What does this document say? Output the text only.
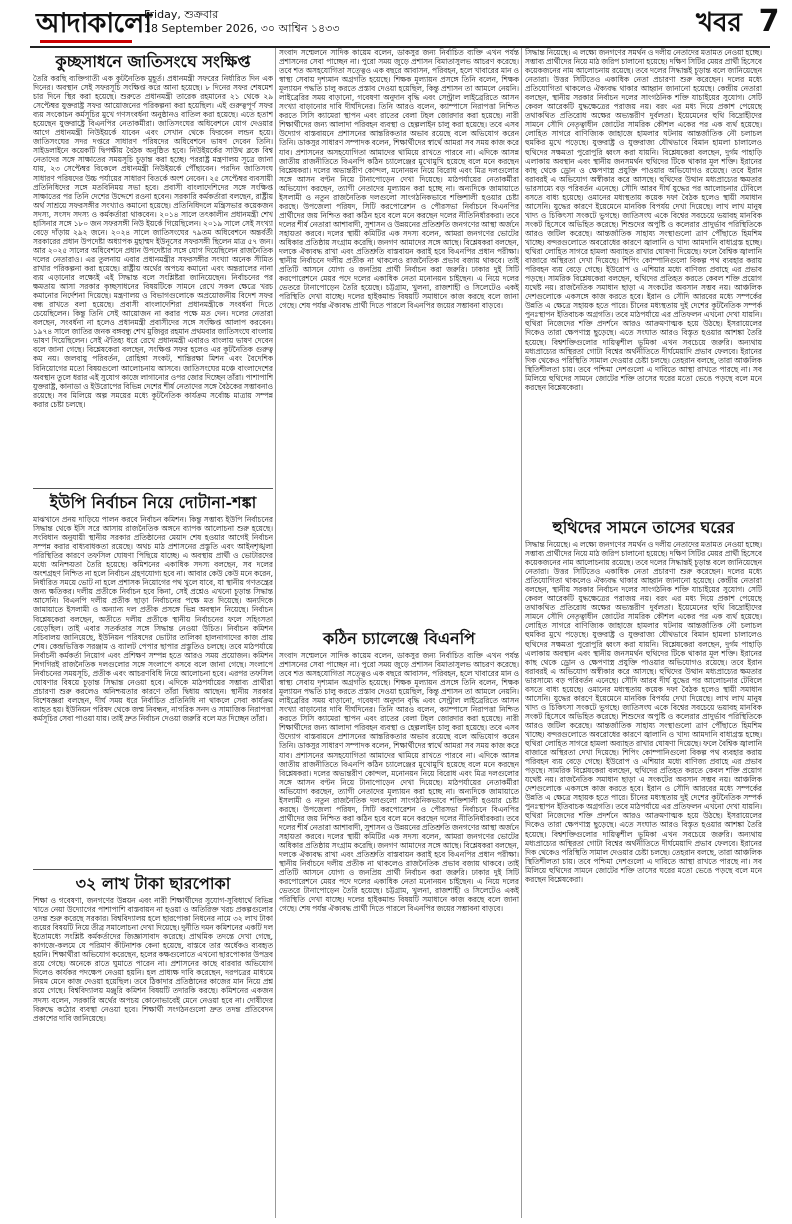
আদাকালো
Friday, শুক্রবার
18 September 2026, ৩০ আশ্বিন ১৪৩৩	খবর 7
কুচ্ছসাধনে জাতিসংঘে সংক্ষিপ্ত
তৈরি করছি ব্যক্তিগাতী এক কুটনৈতিক মুহূর্ত। প্রধানমন্ত্রী সফরের নির্ধারিত দিন এক দিনের। অবস্থান সেই সফরসূচি সংক্ষিপ্ত করে আনা হয়েছে। ৮ দিনের সফর শেষমেশ চার দিনে স্থির করা হয়েছে। শুরুতে প্রধানমন্ত্রী তারেক রহমানের ২১ থেকে ২৯ সেপ্টেম্বর যুক্তরাষ্ট্র সফর আয়োজনের পরিকল্পনা করা হয়েছিল। এই গুরুত্বপূর্ণ সফর ব্যয় সংকোচন কর্মসূচির মুখে গণসংবর্ধনা অনুষ্ঠানও বাতিল করা হয়েছে। এতে হতাশ হয়েছেন যুক্তরাষ্ট্রে বিএনপির নেতাকর্মীরা। জাতিসংঘের অধিবেশনে যোগ দেওয়ার আগে প্রধানমন্ত্রী নিউইয়র্কে যাবেন এবং সেখান থেকে ফিরবেন লন্ডন হয়ে। জাতিসংঘের সদর দপ্তরে সাধারণ পরিষদের অধিবেশনে ভাষণ দেবেন তিনি। সাইডলাইনে কয়েকটি দ্বিপক্ষীয় বৈঠক অনুষ্ঠিত হবে। নিউইয়র্কের সাউথ ব্লকে বিশ্ব নেতাদের সঙ্গে সাক্ষাতের সময়সূচি চূড়ান্ত করা হচ্ছে। পররাষ্ট্র মন্ত্রণালয় সূত্রে জানা যায়, ২৩ সেপ্টেম্বর বিকেলে প্রধানমন্ত্রী নিউইয়র্কে পৌঁছাবেন। পরদিন জাতিসংঘ সাধারণ পরিষদের উচ্চ পর্যায়ের সাধারণ বিতর্কে অংশ নেবেন। ২৫ সেপ্টেম্বর ব্যবসায়ী প্রতিনিধিদের সঙ্গে মতবিনিময় সভা হবে। প্রবাসী বাংলাদেশিদের সঙ্গে সংক্ষিপ্ত সাক্ষাতের পর তিনি দেশের উদ্দেশে রওনা হবেন। সরকারি কর্মকর্তারা বলছেন, রাষ্ট্রীয় অর্থ সাশ্রয়ে সফরসঙ্গীর সংখ্যাও কমানো হয়েছে। প্রতিনিধিদলে মন্ত্রিসভার কয়েকজন সদস্য, সংসদ সদস্য ও কর্মকর্তারা থাকবেন। ২০১৪ সালে তৎকালীন প্রধানমন্ত্রী শেখ হাসিনার সঙ্গে ১৮০ জন সফরসঙ্গী নিউ ইয়র্কে গিয়েছিলেন। ২০১৯ সালে সেই সংখ্যা বেড়ে দাঁড়ায় ২৯২ জনে। ২০২৪ সালে জাতিসংঘের ৭৯তম অধিবেশনে অন্তর্বর্তী সরকারের প্রধান উপদেষ্টা অধ্যাপক মুহাম্মদ ইউনূসের সফরসঙ্গী ছিলেন মাত্র ৫৭ জন। আর ২০২৫ সালের অধিবেশনে প্রধান উপদেষ্টার সঙ্গে যোগ দিয়েছিলেন রাজনৈতিক দলের নেতারাও। এর তুলনায় এবার প্রধানমন্ত্রীর সফরসঙ্গীর সংখ্যা অনেক সীমিত রাখার পরিকল্পনা করা হয়েছে। রাষ্ট্রীয় অর্থের অপচয় কমানো এবং অন্তরালের নানা ব্যয় এড়ানোর লক্ষ্যেই এই সিদ্ধান্ত বলে সংশ্লিষ্টরা জানিয়েছেন। নির্বাচনের পর ক্ষমতায় আসা সরকার কৃচ্ছসাধনের বিষয়টিকে সামনে রেখে সকল ক্ষেত্রে খরচ কমানোর নির্দেশনা দিয়েছে। মন্ত্রণালয় ও বিভাগগুলোকে অপ্রয়োজনীয় বিদেশ সফর বন্ধ রাখতে বলা হয়েছে। প্রবাসী বাংলাদেশিরা প্রধানমন্ত্রীকে সংবর্ধনা দিতে চেয়েছিলেন। কিন্তু তিনি সেই আয়োজন না করার পক্ষে মত দেন। দলের নেতারা বলছেন, সংবর্ধনা না হলেও প্রধানমন্ত্রী প্রবাসীদের সঙ্গে সংক্ষিপ্ত আলাপ করবেন। ১৯৭৪ সালে জাতির জনক বঙ্গবন্ধু শেখ মুজিবুর রহমান প্রথমবার জাতিসংঘে বাংলায় ভাষণ দিয়েছিলেন। সেই ঐতিহ্য ধরে রেখে প্রধানমন্ত্রী এবারও বাংলায় ভাষণ দেবেন বলে জানা গেছে। বিশ্লেষকেরা বলছেন, সংক্ষিপ্ত সফর হলেও এর কূটনৈতিক গুরুত্ব কম নয়। জলবায়ু পরিবর্তন, রোহিঙ্গা সংকট, শান্তিরক্ষা মিশন এবং বৈদেশিক বিনিয়োগের মতো বিষয়গুলো আলোচনায় আসবে। জাতিসংঘের মঞ্চে বাংলাদেশের অবস্থান তুলে ধরার এই সুযোগ কাজে লাগানোর ওপর জোর দিচ্ছেন তাঁরা। পাশাপাশি যুক্তরাষ্ট্র, কানাডা ও ইউরোপের বিভিন্ন দেশের শীর্ষ নেতাদের সঙ্গে বৈঠকের সম্ভাবনাও রয়েছে। সব মিলিয়ে অল্প সময়ের মধ্যে কূটনৈতিক কার্যক্রম সর্বোচ্চ মাত্রায় সম্পন্ন করার চেষ্টা চলছে।
ইউপি নির্বাচন নিয়ে দোটানা-শঙ্কা
মাঝখানে প্রনয় দাড়িয়ে পালন করবে নির্বাচন কমিশন। কিন্তু সম্ভাব্য ইউপি নির্বাচনের সিদ্ধান্ত থেকে ইসি সরে আসায় রাজনৈতিক অঙ্গনে ব্যাপক আলোচনা শুরু হয়েছে। সংবিধান অনুযায়ী স্থানীয় সরকার প্রতিষ্ঠানের মেয়াদ শেষ হওয়ার আগেই নির্বাচন সম্পন্ন করার বাধ্যবাধকতা রয়েছে। অথচ মাঠ প্রশাসনের প্রস্তুতি এবং আইনশৃঙ্খলা পরিস্থিতির কারণে তফসিল ঘোষণা পিছিয়ে যাচ্ছে। এ অবস্থায় প্রার্থী ও ভোটারদের মধ্যে অনিশ্চয়তা তৈরি হয়েছে। কমিশনের একাধিক সদস্য বলছেন, সব দলের অংশগ্রহণ নিশ্চিত না হলে নির্বাচন গ্রহণযোগ্য হবে না। আবার কেউ কেউ মনে করেন, নির্ধারিত সময়ে ভোট না হলে প্রশাসক নিয়োগের পথ খুলে যাবে, যা স্থানীয় গণতন্ত্রের জন্য ক্ষতিকর। দলীয় প্রতীকে নির্বাচন হবে কিনা, সেই প্রশ্নেও এখনো চূড়ান্ত সিদ্ধান্ত আসেনি। বিএনপি দলীয় প্রতীক ছাড়া নির্বাচনের পক্ষে মত দিয়েছে। অন্যদিকে জামায়াতে ইসলামী ও অন্যান্য দল প্রতীক প্রসঙ্গে ভিন্ন অবস্থান নিয়েছে। নির্বাচন বিশ্লেষকেরা বলছেন, অতীতে দলীয় প্রতীকে স্থানীয় নির্বাচনের ফলে সহিংসতা বেড়েছিল। তাই এবার সতর্কতার সঙ্গে সিদ্ধান্ত নেওয়া উচিত। নির্বাচন কমিশন সচিবালয় জানিয়েছে, ইউনিয়ন পরিষদের ভোটার তালিকা হালনাগাদের কাজ প্রায় শেষ। কেন্দ্রভিত্তিক সরঞ্জাম ও ব্যালট পেপার ছাপার প্রস্তুতিও চলছে। তবে মাঠপর্যায়ে নির্বাচনী কর্মকর্তা নিয়োগ এবং প্রশিক্ষণ সম্পন্ন হতে আরও সময় প্রয়োজন। কমিশন শিগগিরই রাজনৈতিক দলগুলোর সঙ্গে সংলাপে বসবে বলে জানা গেছে। সংলাপে নির্বাচনের সময়সূচি, প্রতীক এবং আচরণবিধি নিয়ে আলোচনা হবে। এরপর তফসিল ঘোষণার বিষয়ে চূড়ান্ত সিদ্ধান্ত নেওয়া হবে। এদিকে মাঠপর্যায়ের সম্ভাব্য প্রার্থীরা প্রচারণা শুরু করলেও অনিশ্চয়তার কারণে তাঁরা দ্বিধায় আছেন। স্থানীয় সরকার বিশেষজ্ঞরা বলছেন, দীর্ঘ সময় ধরে নির্বাচিত প্রতিনিধি না থাকলে সেবা কার্যক্রম ব্যাহত হয়। ইউনিয়ন পরিষদ থেকে জন্ম নিবন্ধন, নাগরিক সনদ ও সামাজিক নিরাপত্তা কর্মসূচির সেবা পাওয়া যায়। তাই দ্রুত নির্বাচন দেওয়া জরুরি বলে মত দিচ্ছেন তাঁরা।
৩২ লাখ টাকা ছারপোকা
শিক্ষা ও গবেষণা, জনগণের উন্নয়ন এবং নারী শিক্ষার্থীদের সুযোগ-সুবিধার্থে বিভিন্ন খাতে নেয়া উদ্যোগের পাশাপাশি বাস্তবায়ন না হওয়া ও অতিরিক্ত খরচ প্রকল্পগুলোর তদন্ত শুরু করেছে সরকার। বিশ্ববিদ্যালয় হলে ছারপোকা নিধনের নামে ৩২ লাখ টাকা ব্যয়ের বিষয়টি নিয়ে তীব্র সমালোচনা দেখা দিয়েছে। দুর্নীতি দমন কমিশনের একটি দল ইতোমধ্যে সংশ্লিষ্ট কর্মকর্তাদের জিজ্ঞাসাবাদ করেছে। প্রাথমিক তদন্তে দেখা গেছে, কাগজে-কলমে যে পরিমাণ কীটনাশক কেনা হয়েছে, বাস্তবে তার অর্ধেকও ব্যবহৃত হয়নি। শিক্ষার্থীরা অভিযোগ করেছেন, হলের কক্ষগুলোতে এখনো ছারপোকার উপদ্রব রয়ে গেছে। অনেকে রাতে ঘুমাতে পারেন না। প্রশাসনের কাছে বারবার অভিযোগ দিলেও কার্যকর পদক্ষেপ নেওয়া হয়নি। হল প্রাধ্যক্ষ দাবি করেছেন, দরপত্রের মাধ্যমে নিয়ম মেনে কাজ দেওয়া হয়েছিল। তবে ঠিকাদার প্রতিষ্ঠানের কাজের মান নিয়ে প্রশ্ন রয়ে গেছে। বিশ্ববিদ্যালয় মঞ্জুরি কমিশন বিষয়টি তদারকি করছে। কমিশনের একজন সদস্য বলেন, সরকারি অর্থের অপচয় কোনোভাবেই মেনে নেওয়া হবে না। দোষীদের বিরুদ্ধে কঠোর ব্যবস্থা নেওয়া হবে। শিক্ষার্থী সংগঠনগুলো দ্রুত তদন্ত প্রতিবেদন প্রকাশের দাবি জানিয়েছে।
সংবাদ সম্মেলনে সাদিক কায়েম বলেন, ডাকসুর জন্য নির্বাচিত ব্যক্তি এখন পর্যন্ত প্রশাসনের সেবা পাচ্ছেন না। পুরো সময় জুড়ে প্রশাসন বিমাতাসুলভ আচরণ করেছে। তবে শত অসহযোগিতা সত্ত্বেও এক বছরে আবাসন, পরিবহন, হলে খাবারের মান ও স্বাস্থ্য সেবায় দৃশ্যমান অগ্রগতি হয়েছে। শিক্ষক মূল্যায়ন প্রসঙ্গে তিনি বলেন, শিক্ষক মূল্যায়ন পদ্ধতি চালু করতে প্রস্তাব দেওয়া হয়েছিল, কিন্তু প্রশাসন তা আমলে নেয়নি। লাইব্রেরির সময় বাড়ানো, গবেষণা অনুদান বৃদ্ধি এবং সেন্ট্রাল লাইব্রেরিতে আসন সংখ্যা বাড়ানোর দাবি দীর্ঘদিনের। তিনি আরও বলেন, ক্যাম্পাসে নিরাপত্তা নিশ্চিত করতে সিসি ক্যামেরা স্থাপন এবং রাতের বেলা টহল জোরদার করা হয়েছে। নারী শিক্ষার্থীদের জন্য আলাদা পরিবহন ব্যবস্থা ও হেল্পলাইন চালু করা হয়েছে। তবে এসব উদ্যোগ বাস্তবায়নে প্রশাসনের আন্তরিকতার অভাব রয়েছে বলে অভিযোগ করেন তিনি। ডাকসুর সাধারণ সম্পাদক বলেন, শিক্ষার্থীদের স্বার্থে আমরা সব সময় কাজ করে যাব। প্রশাসনের অসহযোগিতা আমাদের থামিয়ে রাখতে পারবে না। এদিকে আসন্ন জাতীয় রাজনীতিতে বিএনপি কঠিন চ্যালেঞ্জের মুখোমুখি হয়েছে বলে মনে করছেন বিশ্লেষকরা। দলের অভ্যন্তরীণ কোন্দল, মনোনয়ন নিয়ে বিরোধ এবং মিত্র দলগুলোর সঙ্গে আসন বণ্টন নিয়ে টানাপোড়েন দেখা দিয়েছে। মাঠপর্যায়ের নেতাকর্মীরা অভিযোগ করছেন, ত্যাগী নেতাদের মূল্যায়ন করা হচ্ছে না। অন্যদিকে জামায়াতে ইসলামী ও নতুন রাজনৈতিক দলগুলো সাংগঠনিকভাবে শক্তিশালী হওয়ার চেষ্টা করছে। উপজেলা পরিষদ, সিটি করপোরেশন ও পৌরসভা নির্বাচনে বিএনপির প্রার্থীদের জয় নিশ্চিত করা কঠিন হবে বলে মনে করছেন দলের নীতিনির্ধারকরা। তবে দলের শীর্ষ নেতারা আশাবাদী, সুশাসন ও উন্নয়নের প্রতিশ্রুতি জনগণের আস্থা অর্জনে সহায়তা করবে। দলের স্থায়ী কমিটির এক সদস্য বলেন, আমরা জনগণের ভোটের অধিকার প্রতিষ্ঠায় সংগ্রাম করেছি। জনগণ আমাদের সঙ্গে আছে। বিশ্লেষকরা বলছেন, দলকে ঐক্যবদ্ধ রাখা এবং প্রতিশ্রুতি বাস্তবায়ন করাই হবে বিএনপির প্রধান পরীক্ষা। স্থানীয় নির্বাচনে দলীয় প্রতীক না থাকলেও রাজনৈতিক প্রভাব বজায় থাকবে। তাই প্রতিটি আসনে যোগ্য ও জনপ্রিয় প্রার্থী নির্বাচন করা জরুরি। ঢাকার দুই সিটি করপোরেশনে মেয়র পদে দলের একাধিক নেতা মনোনয়ন চাইছেন। এ নিয়ে দলের ভেতরে টানাপোড়েন তৈরি হয়েছে। চট্টগ্রাম, খুলনা, রাজশাহী ও সিলেটেও একই পরিস্থিতি দেখা যাচ্ছে। দলের হাইকমান্ড বিষয়টি সমাধানে কাজ করছে বলে জানা গেছে। শেষ পর্যন্ত ঐক্যবদ্ধ প্রার্থী দিতে পারলে বিএনপির জয়ের সম্ভাবনা বাড়বে।
কঠিন চ্যালেঞ্জে বিএনপি
সংবাদ সম্মেলনে সাদিক কায়েম বলেন, ডাকসুর জন্য নির্বাচিত ব্যক্তি এখন পর্যন্ত প্রশাসনের সেবা পাচ্ছেন না। পুরো সময় জুড়ে প্রশাসন বিমাতাসুলভ আচরণ করেছে। তবে শত অসহযোগিতা সত্ত্বেও এক বছরে আবাসন, পরিবহন, হলে খাবারের মান ও স্বাস্থ্য সেবায় দৃশ্যমান অগ্রগতি হয়েছে। শিক্ষক মূল্যায়ন প্রসঙ্গে তিনি বলেন, শিক্ষক মূল্যায়ন পদ্ধতি চালু করতে প্রস্তাব দেওয়া হয়েছিল, কিন্তু প্রশাসন তা আমলে নেয়নি। লাইব্রেরির সময় বাড়ানো, গবেষণা অনুদান বৃদ্ধি এবং সেন্ট্রাল লাইব্রেরিতে আসন সংখ্যা বাড়ানোর দাবি দীর্ঘদিনের। তিনি আরও বলেন, ক্যাম্পাসে নিরাপত্তা নিশ্চিত করতে সিসি ক্যামেরা স্থাপন এবং রাতের বেলা টহল জোরদার করা হয়েছে। নারী শিক্ষার্থীদের জন্য আলাদা পরিবহন ব্যবস্থা ও হেল্পলাইন চালু করা হয়েছে। তবে এসব উদ্যোগ বাস্তবায়নে প্রশাসনের আন্তরিকতার অভাব রয়েছে বলে অভিযোগ করেন তিনি। ডাকসুর সাধারণ সম্পাদক বলেন, শিক্ষার্থীদের স্বার্থে আমরা সব সময় কাজ করে যাব। প্রশাসনের অসহযোগিতা আমাদের থামিয়ে রাখতে পারবে না। এদিকে আসন্ন জাতীয় রাজনীতিতে বিএনপি কঠিন চ্যালেঞ্জের মুখোমুখি হয়েছে বলে মনে করছেন বিশ্লেষকরা। দলের অভ্যন্তরীণ কোন্দল, মনোনয়ন নিয়ে বিরোধ এবং মিত্র দলগুলোর সঙ্গে আসন বণ্টন নিয়ে টানাপোড়েন দেখা দিয়েছে। মাঠপর্যায়ের নেতাকর্মীরা অভিযোগ করছেন, ত্যাগী নেতাদের মূল্যায়ন করা হচ্ছে না। অন্যদিকে জামায়াতে ইসলামী ও নতুন রাজনৈতিক দলগুলো সাংগঠনিকভাবে শক্তিশালী হওয়ার চেষ্টা করছে। উপজেলা পরিষদ, সিটি করপোরেশন ও পৌরসভা নির্বাচনে বিএনপির প্রার্থীদের জয় নিশ্চিত করা কঠিন হবে বলে মনে করছেন দলের নীতিনির্ধারকরা। তবে দলের শীর্ষ নেতারা আশাবাদী, সুশাসন ও উন্নয়নের প্রতিশ্রুতি জনগণের আস্থা অর্জনে সহায়তা করবে। দলের স্থায়ী কমিটির এক সদস্য বলেন, আমরা জনগণের ভোটের অধিকার প্রতিষ্ঠায় সংগ্রাম করেছি। জনগণ আমাদের সঙ্গে আছে। বিশ্লেষকরা বলছেন, দলকে ঐক্যবদ্ধ রাখা এবং প্রতিশ্রুতি বাস্তবায়ন করাই হবে বিএনপির প্রধান পরীক্ষা। স্থানীয় নির্বাচনে দলীয় প্রতীক না থাকলেও রাজনৈতিক প্রভাব বজায় থাকবে। তাই প্রতিটি আসনে যোগ্য ও জনপ্রিয় প্রার্থী নির্বাচন করা জরুরি। ঢাকার দুই সিটি করপোরেশনে মেয়র পদে দলের একাধিক নেতা মনোনয়ন চাইছেন। এ নিয়ে দলের ভেতরে টানাপোড়েন তৈরি হয়েছে। চট্টগ্রাম, খুলনা, রাজশাহী ও সিলেটেও একই পরিস্থিতি দেখা যাচ্ছে। দলের হাইকমান্ড বিষয়টি সমাধানে কাজ করছে বলে জানা গেছে। শেষ পর্যন্ত ঐক্যবদ্ধ প্রার্থী দিতে পারলে বিএনপির জয়ের সম্ভাবনা বাড়বে।
সিদ্ধান্ত নিয়েছে। এ লক্ষ্যে জনগণের সমর্থন ও দলীয় নেতাদের মতামত নেওয়া হচ্ছে। সম্ভাব্য প্রার্থীদের নিয়ে মাঠ জরিপ চালানো হয়েছে। দক্ষিণ সিটির মেয়র প্রার্থী হিসেবে কয়েকজনের নাম আলোচনায় রয়েছে। তবে দলের সিদ্ধান্তই চূড়ান্ত বলে জানিয়েছেন নেতারা। উত্তর সিটিতেও একাধিক নেতা প্রচারণা শুরু করেছেন। দলের মধ্যে প্রতিযোগিতা থাকলেও ঐক্যবদ্ধ থাকার আহ্বান জানানো হয়েছে। কেন্দ্রীয় নেতারা বলছেন, স্থানীয় সরকার নির্বাচন দলের সাংগঠনিক শক্তি যাচাইয়ের সুযোগ। সেটি কেবল আরেকটি যুদ্ধক্ষেত্রের পরাজয় নয়। বরং এর মধ্য দিয়ে প্রকাশ পেয়েছে তথাকথিত প্রতিরোধ অক্ষের অভ্যন্তরীণ দুর্বলতা। ইয়েমেনের হুথি বিদ্রোহীদের সামনে সৌদি নেতৃত্বাধীন জোটের সামরিক কৌশল একের পর এক ব্যর্থ হয়েছে। লোহিত সাগরে বাণিজ্যিক জাহাজে হামলার ঘটনায় আন্তর্জাতিক নৌ চলাচল হুমকির মুখে পড়েছে। যুক্তরাষ্ট্র ও যুক্তরাজ্য যৌথভাবে বিমান হামলা চালালেও হুথিদের সক্ষমতা পুরোপুরি ধ্বংস করা যায়নি। বিশ্লেষকেরা বলছেন, দুর্গম পাহাড়ি এলাকায় অবস্থান এবং স্থানীয় জনসমর্থন হুথিদের টিকে থাকার মূল শক্তি। ইরানের কাছ থেকে ড্রোন ও ক্ষেপণাস্ত্র প্রযুক্তি পাওয়ার অভিযোগও রয়েছে। তবে ইরান বরাবরই এ অভিযোগ অস্বীকার করে আসছে। হুথিদের উত্থান মধ্যপ্রাচ্যের ক্ষমতার ভারসাম্যে বড় পরিবর্তন এনেছে। সৌদি আরব দীর্ঘ যুদ্ধের পর আলোচনার টেবিলে বসতে বাধ্য হয়েছে। ওমানের মধ্যস্থতায় কয়েক দফা বৈঠক হলেও স্থায়ী সমাধান আসেনি। যুদ্ধের কারণে ইয়েমেনে মানবিক বিপর্যয় দেখা দিয়েছে। লাখ লাখ মানুষ খাদ্য ও চিকিৎসা সংকটে ভুগছে। জাতিসংঘ একে বিশ্বের সবচেয়ে ভয়াবহ মানবিক সংকট হিসেবে অভিহিত করেছে। শিশুদের অপুষ্টি ও কলেরার প্রাদুর্ভাব পরিস্থিতিকে আরও জটিল করেছে। আন্তর্জাতিক সাহায্য সংস্থাগুলো ত্রাণ পৌঁছাতে হিমশিম খাচ্ছে। বন্দরগুলোতে অবরোধের কারণে জ্বালানি ও খাদ্য আমদানি বাধাগ্রস্ত হচ্ছে। হুথিরা লোহিত সাগরে হামলা অব্যাহত রাখার ঘোষণা দিয়েছে। ফলে বৈশ্বিক জ্বালানি বাজারে অস্থিরতা দেখা দিয়েছে। শিপিং কোম্পানিগুলো বিকল্প পথ ব্যবহার করায় পরিবহন ব্যয় বেড়ে গেছে। ইউরোপ ও এশিয়ার মধ্যে বাণিজ্য প্রবাহে এর প্রভাব পড়ছে। সামরিক বিশ্লেষকেরা বলছেন, হুথিদের প্রতিহত করতে কেবল শক্তি প্রয়োগ যথেষ্ট নয়। রাজনৈতিক সমাধান ছাড়া এ সংকটের অবসান সম্ভব নয়। আঞ্চলিক দেশগুলোকে একসঙ্গে কাজ করতে হবে। ইরান ও সৌদি আরবের মধ্যে সম্পর্কের উন্নতি এ ক্ষেত্রে সহায়ক হতে পারে। চীনের মধ্যস্থতায় দুই দেশের কূটনৈতিক সম্পর্ক পুনঃস্থাপন ইতিবাচক অগ্রগতি। তবে মাঠপর্যায়ে এর প্রতিফলন এখনো দেখা যায়নি। হুথিরা নিজেদের শক্তি প্রদর্শনে আরও আক্রমণাত্মক হয়ে উঠছে। ইসরায়েলের দিকেও তারা ক্ষেপণাস্ত্র ছুড়েছে। এতে সংঘাত আরও বিস্তৃত হওয়ার আশঙ্কা তৈরি হয়েছে। বিশ্বশক্তিগুলোর দায়িত্বশীল ভূমিকা এখন সবচেয়ে জরুরি। অন্যথায় মধ্যপ্রাচ্যের অস্থিরতা গোটা বিশ্বের অর্থনীতিতে দীর্ঘমেয়াদি প্রভাব ফেলবে। ইরানের দিক থেকেও পরিস্থিতি সামাল দেওয়ার চেষ্টা চলছে। তেহরান বলছে, তারা আঞ্চলিক স্থিতিশীলতা চায়। তবে পশ্চিমা দেশগুলো এ দাবিতে আস্থা রাখতে পারছে না। সব মিলিয়ে হুথিদের সামনে জোটের শক্তি তাসের ঘরের মতো ভেঙে পড়ছে বলে মনে করছেন বিশ্লেষকেরা।
হুথিদের সামনে তাসের ঘরের
সিদ্ধান্ত নিয়েছে। এ লক্ষ্যে জনগণের সমর্থন ও দলীয় নেতাদের মতামত নেওয়া হচ্ছে। সম্ভাব্য প্রার্থীদের নিয়ে মাঠ জরিপ চালানো হয়েছে। দক্ষিণ সিটির মেয়র প্রার্থী হিসেবে কয়েকজনের নাম আলোচনায় রয়েছে। তবে দলের সিদ্ধান্তই চূড়ান্ত বলে জানিয়েছেন নেতারা। উত্তর সিটিতেও একাধিক নেতা প্রচারণা শুরু করেছেন। দলের মধ্যে প্রতিযোগিতা থাকলেও ঐক্যবদ্ধ থাকার আহ্বান জানানো হয়েছে। কেন্দ্রীয় নেতারা বলছেন, স্থানীয় সরকার নির্বাচন দলের সাংগঠনিক শক্তি যাচাইয়ের সুযোগ। সেটি কেবল আরেকটি যুদ্ধক্ষেত্রের পরাজয় নয়। বরং এর মধ্য দিয়ে প্রকাশ পেয়েছে তথাকথিত প্রতিরোধ অক্ষের অভ্যন্তরীণ দুর্বলতা। ইয়েমেনের হুথি বিদ্রোহীদের সামনে সৌদি নেতৃত্বাধীন জোটের সামরিক কৌশল একের পর এক ব্যর্থ হয়েছে। লোহিত সাগরে বাণিজ্যিক জাহাজে হামলার ঘটনায় আন্তর্জাতিক নৌ চলাচল হুমকির মুখে পড়েছে। যুক্তরাষ্ট্র ও যুক্তরাজ্য যৌথভাবে বিমান হামলা চালালেও হুথিদের সক্ষমতা পুরোপুরি ধ্বংস করা যায়নি। বিশ্লেষকেরা বলছেন, দুর্গম পাহাড়ি এলাকায় অবস্থান এবং স্থানীয় জনসমর্থন হুথিদের টিকে থাকার মূল শক্তি। ইরানের কাছ থেকে ড্রোন ও ক্ষেপণাস্ত্র প্রযুক্তি পাওয়ার অভিযোগও রয়েছে। তবে ইরান বরাবরই এ অভিযোগ অস্বীকার করে আসছে। হুথিদের উত্থান মধ্যপ্রাচ্যের ক্ষমতার ভারসাম্যে বড় পরিবর্তন এনেছে। সৌদি আরব দীর্ঘ যুদ্ধের পর আলোচনার টেবিলে বসতে বাধ্য হয়েছে। ওমানের মধ্যস্থতায় কয়েক দফা বৈঠক হলেও স্থায়ী সমাধান আসেনি। যুদ্ধের কারণে ইয়েমেনে মানবিক বিপর্যয় দেখা দিয়েছে। লাখ লাখ মানুষ খাদ্য ও চিকিৎসা সংকটে ভুগছে। জাতিসংঘ একে বিশ্বের সবচেয়ে ভয়াবহ মানবিক সংকট হিসেবে অভিহিত করেছে। শিশুদের অপুষ্টি ও কলেরার প্রাদুর্ভাব পরিস্থিতিকে আরও জটিল করেছে। আন্তর্জাতিক সাহায্য সংস্থাগুলো ত্রাণ পৌঁছাতে হিমশিম খাচ্ছে। বন্দরগুলোতে অবরোধের কারণে জ্বালানি ও খাদ্য আমদানি বাধাগ্রস্ত হচ্ছে। হুথিরা লোহিত সাগরে হামলা অব্যাহত রাখার ঘোষণা দিয়েছে। ফলে বৈশ্বিক জ্বালানি বাজারে অস্থিরতা দেখা দিয়েছে। শিপিং কোম্পানিগুলো বিকল্প পথ ব্যবহার করায় পরিবহন ব্যয় বেড়ে গেছে। ইউরোপ ও এশিয়ার মধ্যে বাণিজ্য প্রবাহে এর প্রভাব পড়ছে। সামরিক বিশ্লেষকেরা বলছেন, হুথিদের প্রতিহত করতে কেবল শক্তি প্রয়োগ যথেষ্ট নয়। রাজনৈতিক সমাধান ছাড়া এ সংকটের অবসান সম্ভব নয়। আঞ্চলিক দেশগুলোকে একসঙ্গে কাজ করতে হবে। ইরান ও সৌদি আরবের মধ্যে সম্পর্কের উন্নতি এ ক্ষেত্রে সহায়ক হতে পারে। চীনের মধ্যস্থতায় দুই দেশের কূটনৈতিক সম্পর্ক পুনঃস্থাপন ইতিবাচক অগ্রগতি। তবে মাঠপর্যায়ে এর প্রতিফলন এখনো দেখা যায়নি। হুথিরা নিজেদের শক্তি প্রদর্শনে আরও আক্রমণাত্মক হয়ে উঠছে। ইসরায়েলের দিকেও তারা ক্ষেপণাস্ত্র ছুড়েছে। এতে সংঘাত আরও বিস্তৃত হওয়ার আশঙ্কা তৈরি হয়েছে। বিশ্বশক্তিগুলোর দায়িত্বশীল ভূমিকা এখন সবচেয়ে জরুরি। অন্যথায় মধ্যপ্রাচ্যের অস্থিরতা গোটা বিশ্বের অর্থনীতিতে দীর্ঘমেয়াদি প্রভাব ফেলবে। ইরানের দিক থেকেও পরিস্থিতি সামাল দেওয়ার চেষ্টা চলছে। তেহরান বলছে, তারা আঞ্চলিক স্থিতিশীলতা চায়। তবে পশ্চিমা দেশগুলো এ দাবিতে আস্থা রাখতে পারছে না। সব মিলিয়ে হুথিদের সামনে জোটের শক্তি তাসের ঘরের মতো ভেঙে পড়ছে বলে মনে করছেন বিশ্লেষকেরা।
